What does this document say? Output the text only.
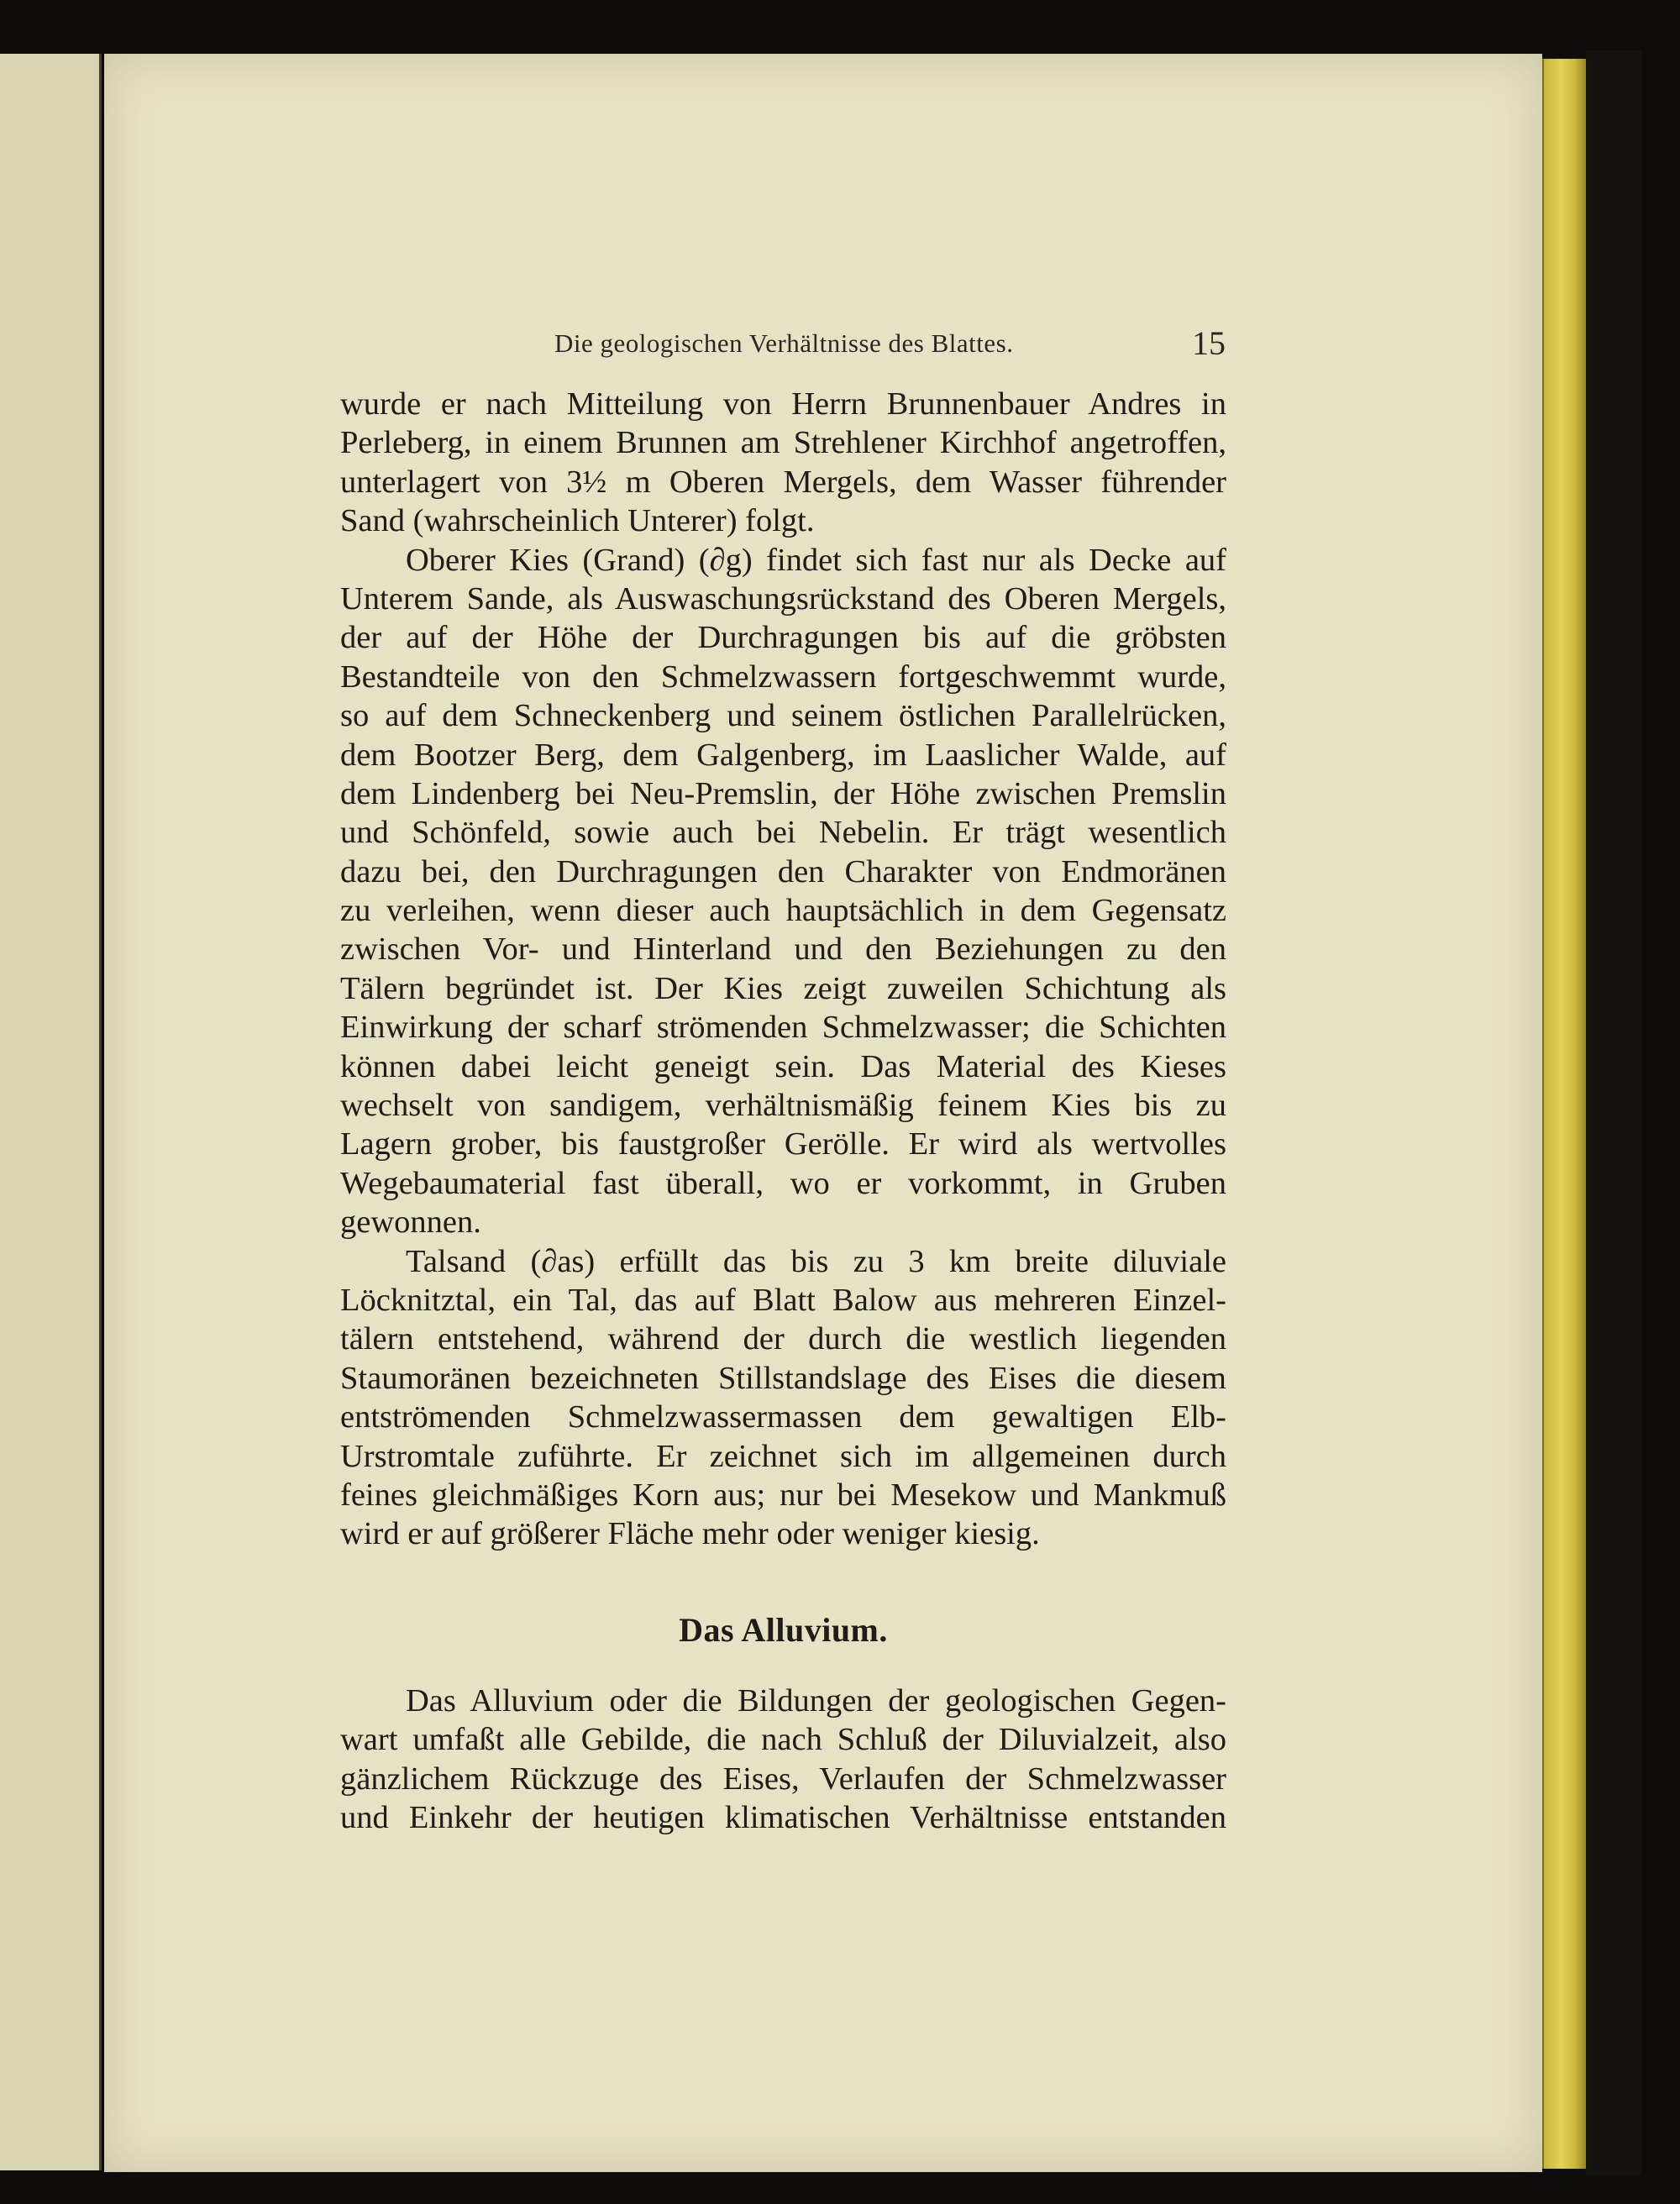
Die geologischen Verhältnisse des Blattes.	15
wurde er nach Mitteilung von Herrn Brunnenbauer Andres in
Perleberg, in einem Brunnen am Strehlener Kirchhof angetroffen,
unterlagert von 3½ m Oberen Mergels, dem Wasser führender
Sand (wahrscheinlich Unterer) folgt.
Oberer Kies (Grand) (∂g) findet sich fast nur als Decke auf
Unterem Sande, als Auswaschungsrückstand des Oberen Mergels,
der auf der Höhe der Durchragungen bis auf die gröbsten
Bestandteile von den Schmelzwassern fortgeschwemmt wurde,
so auf dem Schneckenberg und seinem östlichen Parallelrücken,
dem Bootzer Berg, dem Galgenberg, im Laaslicher Walde, auf
dem Lindenberg bei Neu-Premslin, der Höhe zwischen Premslin
und Schönfeld, sowie auch bei Nebelin. Er trägt wesentlich
dazu bei, den Durchragungen den Charakter von Endmoränen
zu verleihen, wenn dieser auch hauptsächlich in dem Gegensatz
zwischen Vor- und Hinterland und den Beziehungen zu den
Tälern begründet ist. Der Kies zeigt zuweilen Schichtung als
Einwirkung der scharf strömenden Schmelzwasser; die Schichten
können dabei leicht geneigt sein. Das Material des Kieses
wechselt von sandigem, verhältnismäßig feinem Kies bis zu
Lagern grober, bis faustgroßer Gerölle. Er wird als wertvolles
Wegebaumaterial fast überall, wo er vorkommt, in Gruben
gewonnen.
Talsand (∂as) erfüllt das bis zu 3 km breite diluviale
Löcknitztal, ein Tal, das auf Blatt Balow aus mehreren Einzel-
tälern entstehend, während der durch die westlich liegenden
Staumoränen bezeichneten Stillstandslage des Eises die diesem
entströmenden Schmelzwassermassen dem gewaltigen Elb-
Urstromtale zuführte. Er zeichnet sich im allgemeinen durch
feines gleichmäßiges Korn aus; nur bei Mesekow und Mankmuß
wird er auf größerer Fläche mehr oder weniger kiesig.
Das Alluvium.
Das Alluvium oder die Bildungen der geologischen Gegen-
wart umfaßt alle Gebilde, die nach Schluß der Diluvialzeit, also
gänzlichem Rückzuge des Eises, Verlaufen der Schmelzwasser
und Einkehr der heutigen klimatischen Verhältnisse entstanden
